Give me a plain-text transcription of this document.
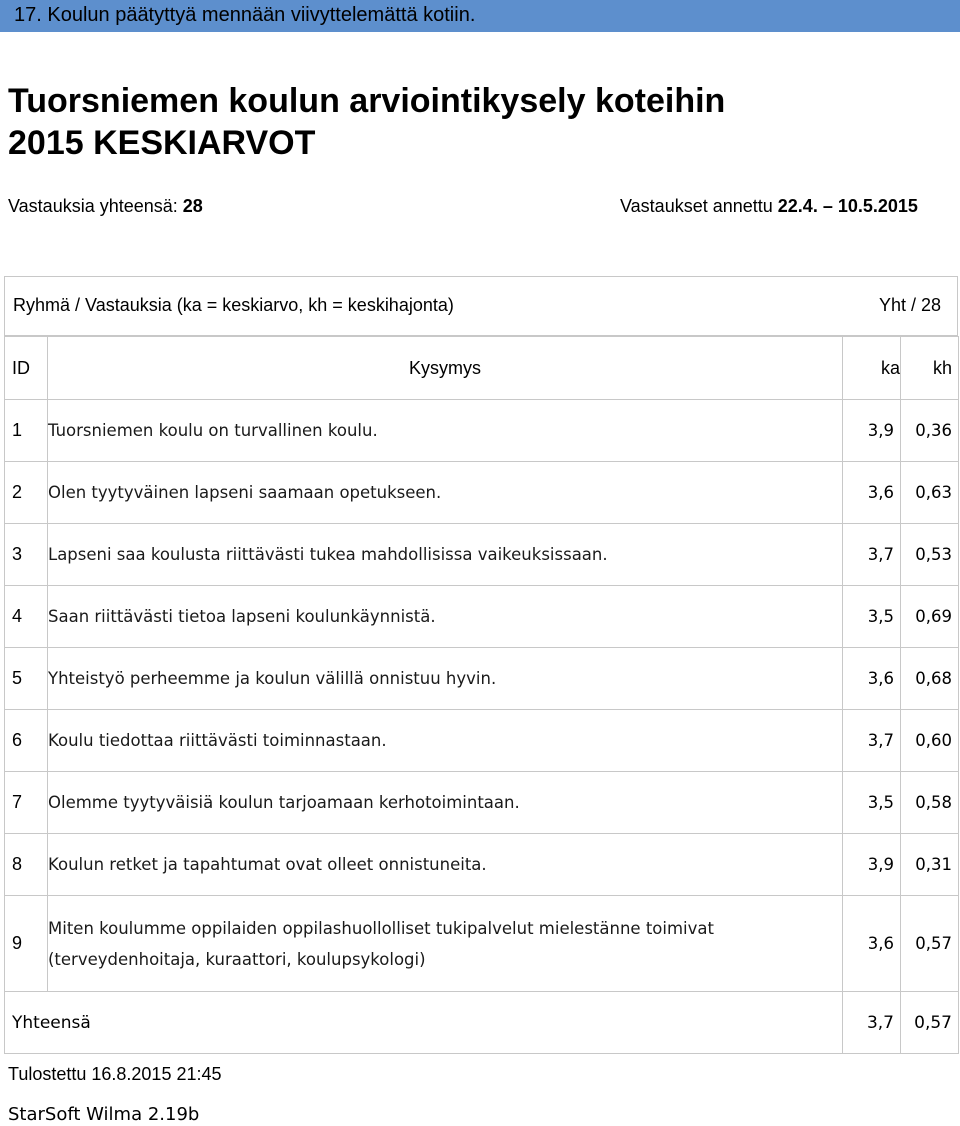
17. Koulun päätyttyä mennään viivyttelemättä kotiin.
Tuorsniemen koulun arviointikysely koteihin
2015 KESKIARVOT
Vastauksia yhteensä: 28	Vastaukset annettu 22.4. – 10.5.2015
Ryhmä / Vastauksia (ka = keskiarvo, kh = keskihajonta)	Yht / 28
ID	Kysymys	ka	kh
1	Tuorsniemen koulu on turvallinen koulu.	3,9	0,36
2	Olen tyytyväinen lapseni saamaan opetukseen.	3,6	0,63
3	Lapseni saa koulusta riittävästi tukea mahdollisissa vaikeuksissaan.	3,7	0,53
4	Saan riittävästi tietoa lapseni koulunkäynnistä.	3,5	0,69
5	Yhteistyö perheemme ja koulun välillä onnistuu hyvin.	3,6	0,68
6	Koulu tiedottaa riittävästi toiminnastaan.	3,7	0,60
7	Olemme tyytyväisiä koulun tarjoamaan kerhotoimintaan.	3,5	0,58
8	Koulun retket ja tapahtumat ovat olleet onnistuneita.	3,9	0,31
9	Miten koulumme oppilaiden oppilashuollolliset tukipalvelut mielestänne toimivat (terveydenhoitaja, kuraattori, koulupsykologi)	3,6	0,57
Yhteensä		3,7	0,57
Tulostettu 16.8.2015 21:45
StarSoft Wilma 2.19b
